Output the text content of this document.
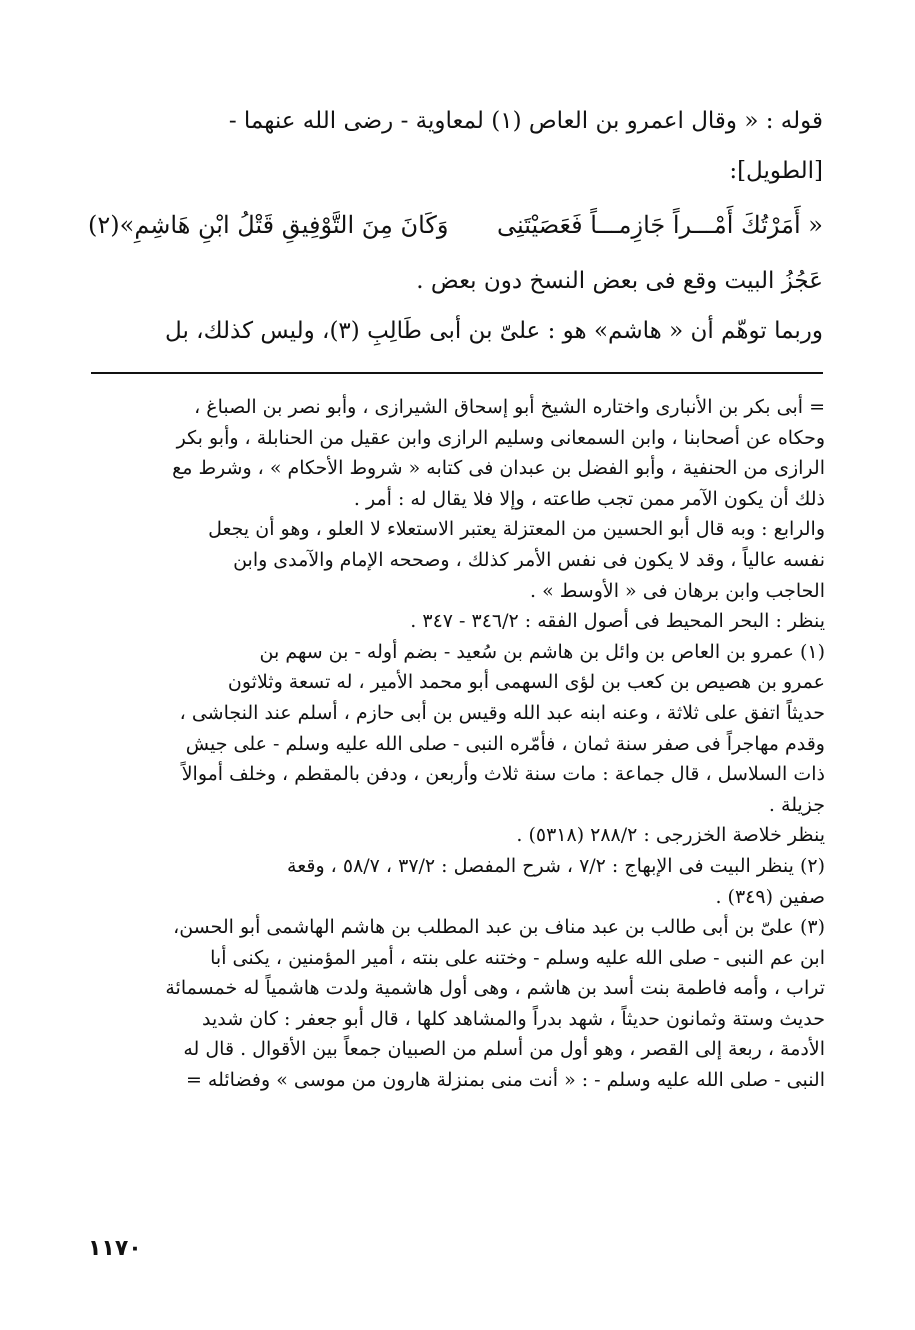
قوله : « وقال اعمرو بن العاص (١) لمعاوية - رضى الله عنهما -
[الطويل]:
« أَمَرْتُكَ أَمْـــراً جَازِمـــاً فَعَصَيْتَنِى
وَكَانَ مِنَ التَّوْفِيقِ قَتْلُ ابْنِ هَاشِمِ»(٢)
عَجُزُ البيت وقع فى بعض النسخ دون بعض .
وربما توهّم أن « هاشم» هو : علىّ بن أبى طَالِبِ (٣)، وليس كذلك، بل
= أبى بكر بن الأنبارى واختاره الشيخ أبو إسحاق الشيرازى ، وأبو نصر بن الصباغ ،
وحكاه عن أصحابنا ، وابن السمعانى وسليم الرازى وابن عقيل من الحنابلة ، وأبو بكر
الرازى من الحنفية ، وأبو الفضل بن عبدان فى كتابه « شروط الأحكام » ، وشرط مع
ذلك أن يكون الآمر ممن تجب طاعته ، وإلا فلا يقال له : أمر .
والرابع : وبه قال أبو الحسين من المعتزلة يعتبر الاستعلاء لا العلو ، وهو أن يجعل
نفسه عالياً ، وقد لا يكون فى نفس الأمر كذلك ، وصححه الإمام والآمدى وابن
الحاجب وابن برهان فى « الأوسط » .
ينظر : البحر المحيط فى أصول الفقه : ٣٤٦/٢ - ٣٤٧ .
(١) عمرو بن العاص بن وائل بن هاشم بن سُعيد - بضم أوله - بن سهم بن
عمرو بن هصيص بن كعب بن لؤى السهمى أبو محمد الأمير ، له تسعة وثلاثون
حديثاً اتفق على ثلاثة ، وعنه ابنه عبد الله وقيس بن أبى حازم ، أسلم عند النجاشى ،
وقدم مهاجراً فى صفر سنة ثمان ، فأمّره النبى - صلى الله عليه وسلم - على جيش
ذات السلاسل ، قال جماعة : مات سنة ثلاث وأربعن ، ودفن بالمقطم ، وخلف أموالاً
جزيلة .
ينظر خلاصة الخزرجى : ٢٨٨/٢ (٥٣١٨) .
(٢) ينظر البيت فى الإبهاج : ٧/٢ ، شرح المفصل : ٣٧/٢ ، ٥٨/٧ ، وقعة
صفين (٣٤٩) .
(٣) علىّ بن أبى طالب بن عبد مناف بن عبد المطلب بن هاشم الهاشمى أبو الحسن،
ابن عم النبى - صلى الله عليه وسلم - وختنه على بنته ، أمير المؤمنين ، يكنى أبا
تراب ، وأمه فاطمة بنت أسد بن هاشم ، وهى أول هاشمية ولدت هاشمياً له خمسمائة
حديث وستة وثمانون حديثاً ، شهد بدراً والمشاهد كلها ، قال أبو جعفر : كان شديد
الأدمة ، ربعة إلى القصر ، وهو أول من أسلم من الصبيان جمعاً بين الأقوال . قال له
النبى - صلى الله عليه وسلم - : « أنت منى بمنزلة هارون من موسى » وفضائله =
١١٧٠
